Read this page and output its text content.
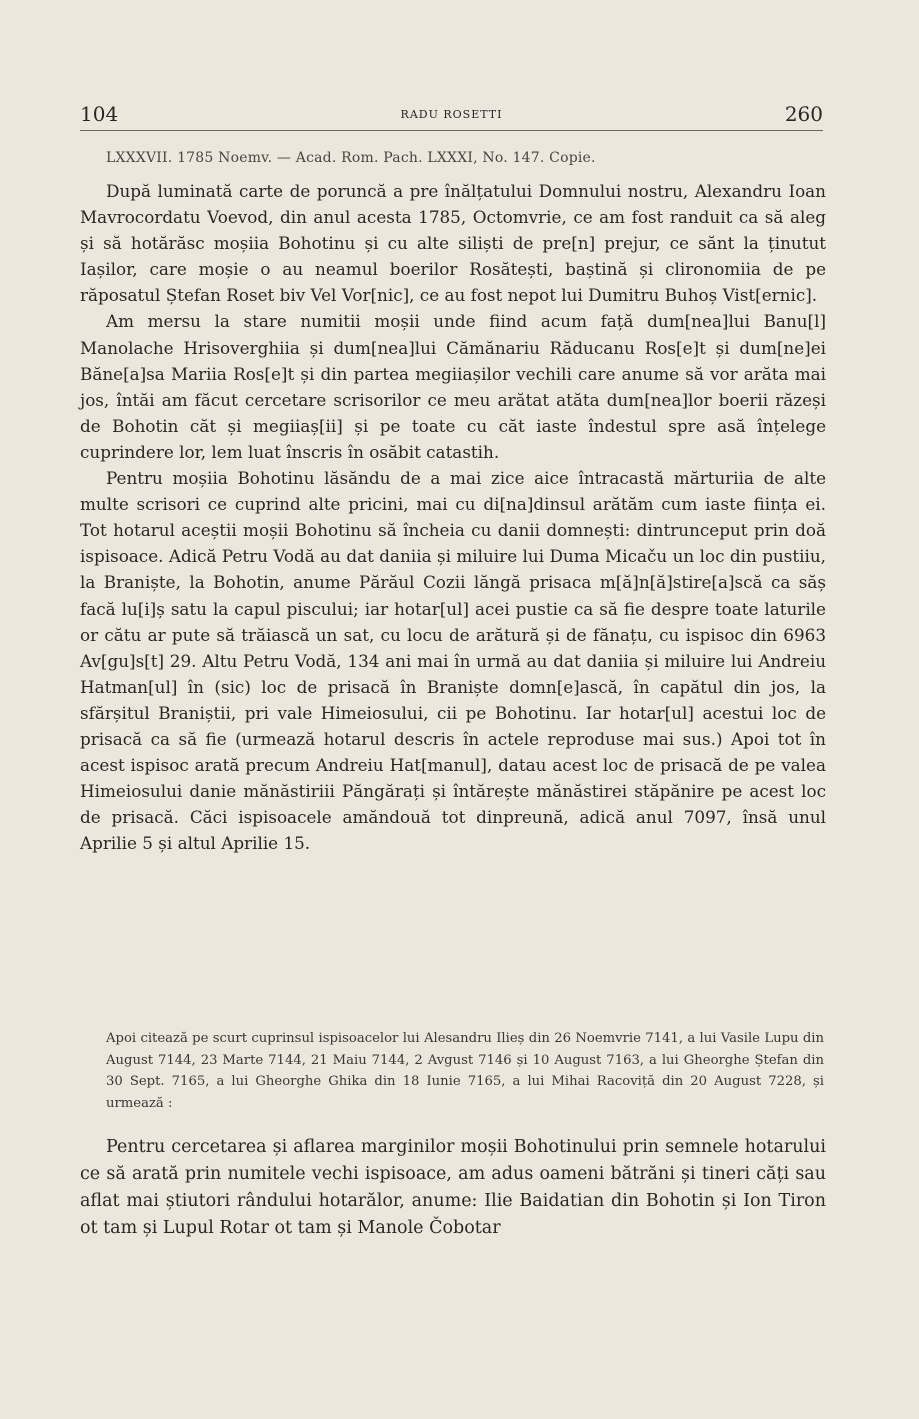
104	RADU ROSETTI	260
LXXXVII. 1785 Noemv. — Acad. Rom. Pach. LXXXI, No. 147. Copie.

După luminată carte de poruncă a pre înălțatului Domnului nostru, Alexandru Ioan Mavrocordatu Voevod, din anul acesta 1785, Octomvrie, ce am fost randuit ca să aleg și să hotărăsc moșiia Bohotinu și cu alte siliști de pre[n] prejur, ce sănt la ținutut Iașilor, care moșie o au neamul boerilor Rosătești, baștină și clironomiia de pe răposatul Ștefan Roset biv Vel Vor[nic], ce au fost nepot lui Dumitru Buhoș Vist[ernic].

Am mersu la stare numitii moșii unde fiind acum față dum[nea]lui Banu[l] Manolache Hrisoverghiia și dum[nea]lui Cămănariu Răducanu Ros[e]t și dum[ne]ei Băne[a]sa Mariia Ros[e]t și din partea megiiașilor vechili care anume să vor arăta mai jos, întăi am făcut cercetare scrisorilor ce meu arătat atăta dum[nea]lor boerii răzeși de Bohotin căt și megiiaș[ii] și pe toate cu căt iaste îndestul spre asă înțelege cuprindere lor, lem luat înscris în osăbit catastih.

Pentru moșiia Bohotinu lăsăndu de a mai zice aice întracastă mărturiia de alte multe scrisori ce cuprind alte pricini, mai cu di[na]dinsul arătăm cum iaste ființa ei. Tot hotarul aceștii moșii Bohotinu să încheia cu danii domnești: dintrunceput prin doă ispisoace. Adică Petru Vodă au dat daniia și miluire lui Duma Micaču un loc din pustiiu, la Braniște, la Bohotin, anume Părăul Cozii lăngă prisaca m[ă]n[ă]stire[a]scă ca săș facă lu[i]ș satu la capul piscului; iar hotar[ul] acei pustie ca să fie despre toate laturile or cătu ar pute să trăiască un sat, cu locu de arătură și de fănațu, cu ispisoc din 6963 Av[gu]s[t] 29. Altu Petru Vodă, 134 ani mai în urmă au dat daniia și miluire lui Andreiu Hatman[ul] în (sic) loc de prisacă în Braniște domn[e]ască, în capătul din jos, la sfărșitul Braniștii, pri vale Himeiosului, cii pe Bohotinu. Iar hotar[ul] acestui loc de prisacă ca să fie (urmează hotarul descris în actele reproduse mai sus.) Apoi tot în acest ispisoc arată precum Andreiu Hat[manul], datau acest loc de prisacă de pe valea Himeiosului danie mănăstiriii Păngărați și întărește mănăstirei stăpănire pe acest loc de prisacă. Căci ispisoacele amăndouă tot dinpreună, adică anul 7097, însă unul Aprilie 5 și altul Aprilie 15.

Apoi citează pe scurt cuprinsul ispisoacelor lui Alesandru Ilieș din 26 Noemvrie 7141, a lui Vasile Lupu din August 7144, 23 Marte 7144, 21 Maiu 7144, 2 Avgust 7146 și 10 August 7163, a lui Gheorghe Ștefan din 30 Sept. 7165, a lui Gheorghe Ghika din 18 Iunie 7165, a lui Mihai Racoviță din 20 August 7228, și urmează :

Pentru cercetarea și aflarea marginilor moșii Bohotinului prin semnele hotarului ce să arată prin numitele vechi ispisoace, am adus oameni bătrăni și tineri căți sau aflat mai știutori rândului hotarălor, anume: Ilie Baidatian din Bohotin și Ion Tiron ot tam și Lupul Rotar ot tam și Manole Čobotar
